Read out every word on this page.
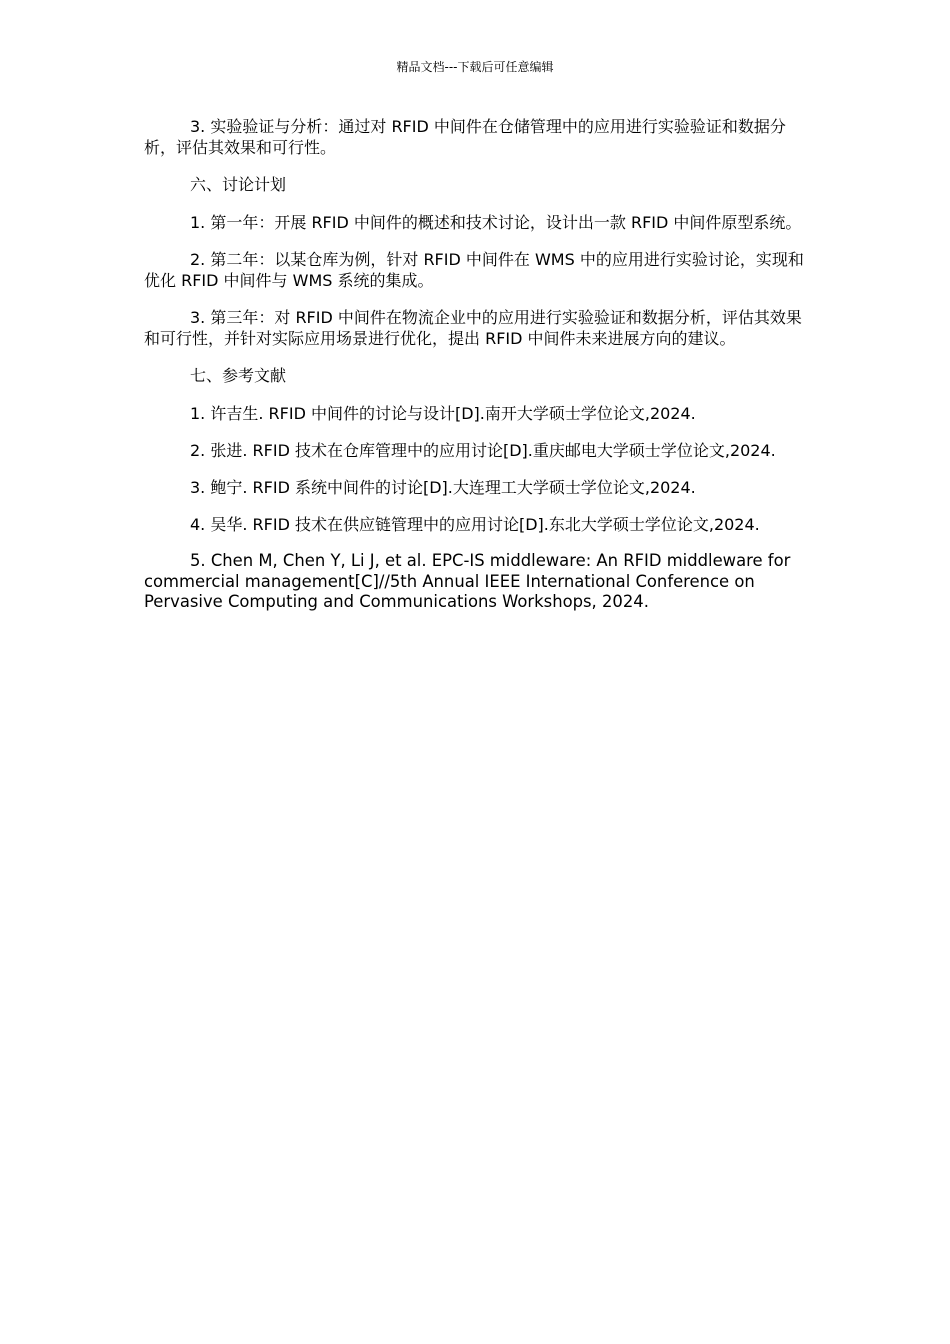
精品文档---下载后可任意编辑

3. 实验验证与分析：通过对 RFID 中间件在仓储管理中的应用进行实验验证和数据分析，评估其效果和可行性。

六、讨论计划

1. 第一年：开展 RFID 中间件的概述和技术讨论，设计出一款 RFID 中间件原型系统。

2. 第二年：以某仓库为例，针对 RFID 中间件在 WMS 中的应用进行实验讨论，实现和优化 RFID 中间件与 WMS 系统的集成。

3. 第三年：对 RFID 中间件在物流企业中的应用进行实验验证和数据分析，评估其效果和可行性，并针对实际应用场景进行优化，提出 RFID 中间件未来进展方向的建议。

七、参考文献

1. 许吉生. RFID 中间件的讨论与设计[D].南开大学硕士学位论文,2024.

2. 张进. RFID 技术在仓库管理中的应用讨论[D].重庆邮电大学硕士学位论文,2024.

3. 鲍宁. RFID 系统中间件的讨论[D].大连理工大学硕士学位论文,2024.

4. 吴华. RFID 技术在供应链管理中的应用讨论[D].东北大学硕士学位论文,2024.

5. Chen M, Chen Y, Li J, et al. EPC-IS middleware: An RFID middleware for commercial management[C]//5th Annual IEEE International Conference on Pervasive Computing and Communications Workshops, 2024.
